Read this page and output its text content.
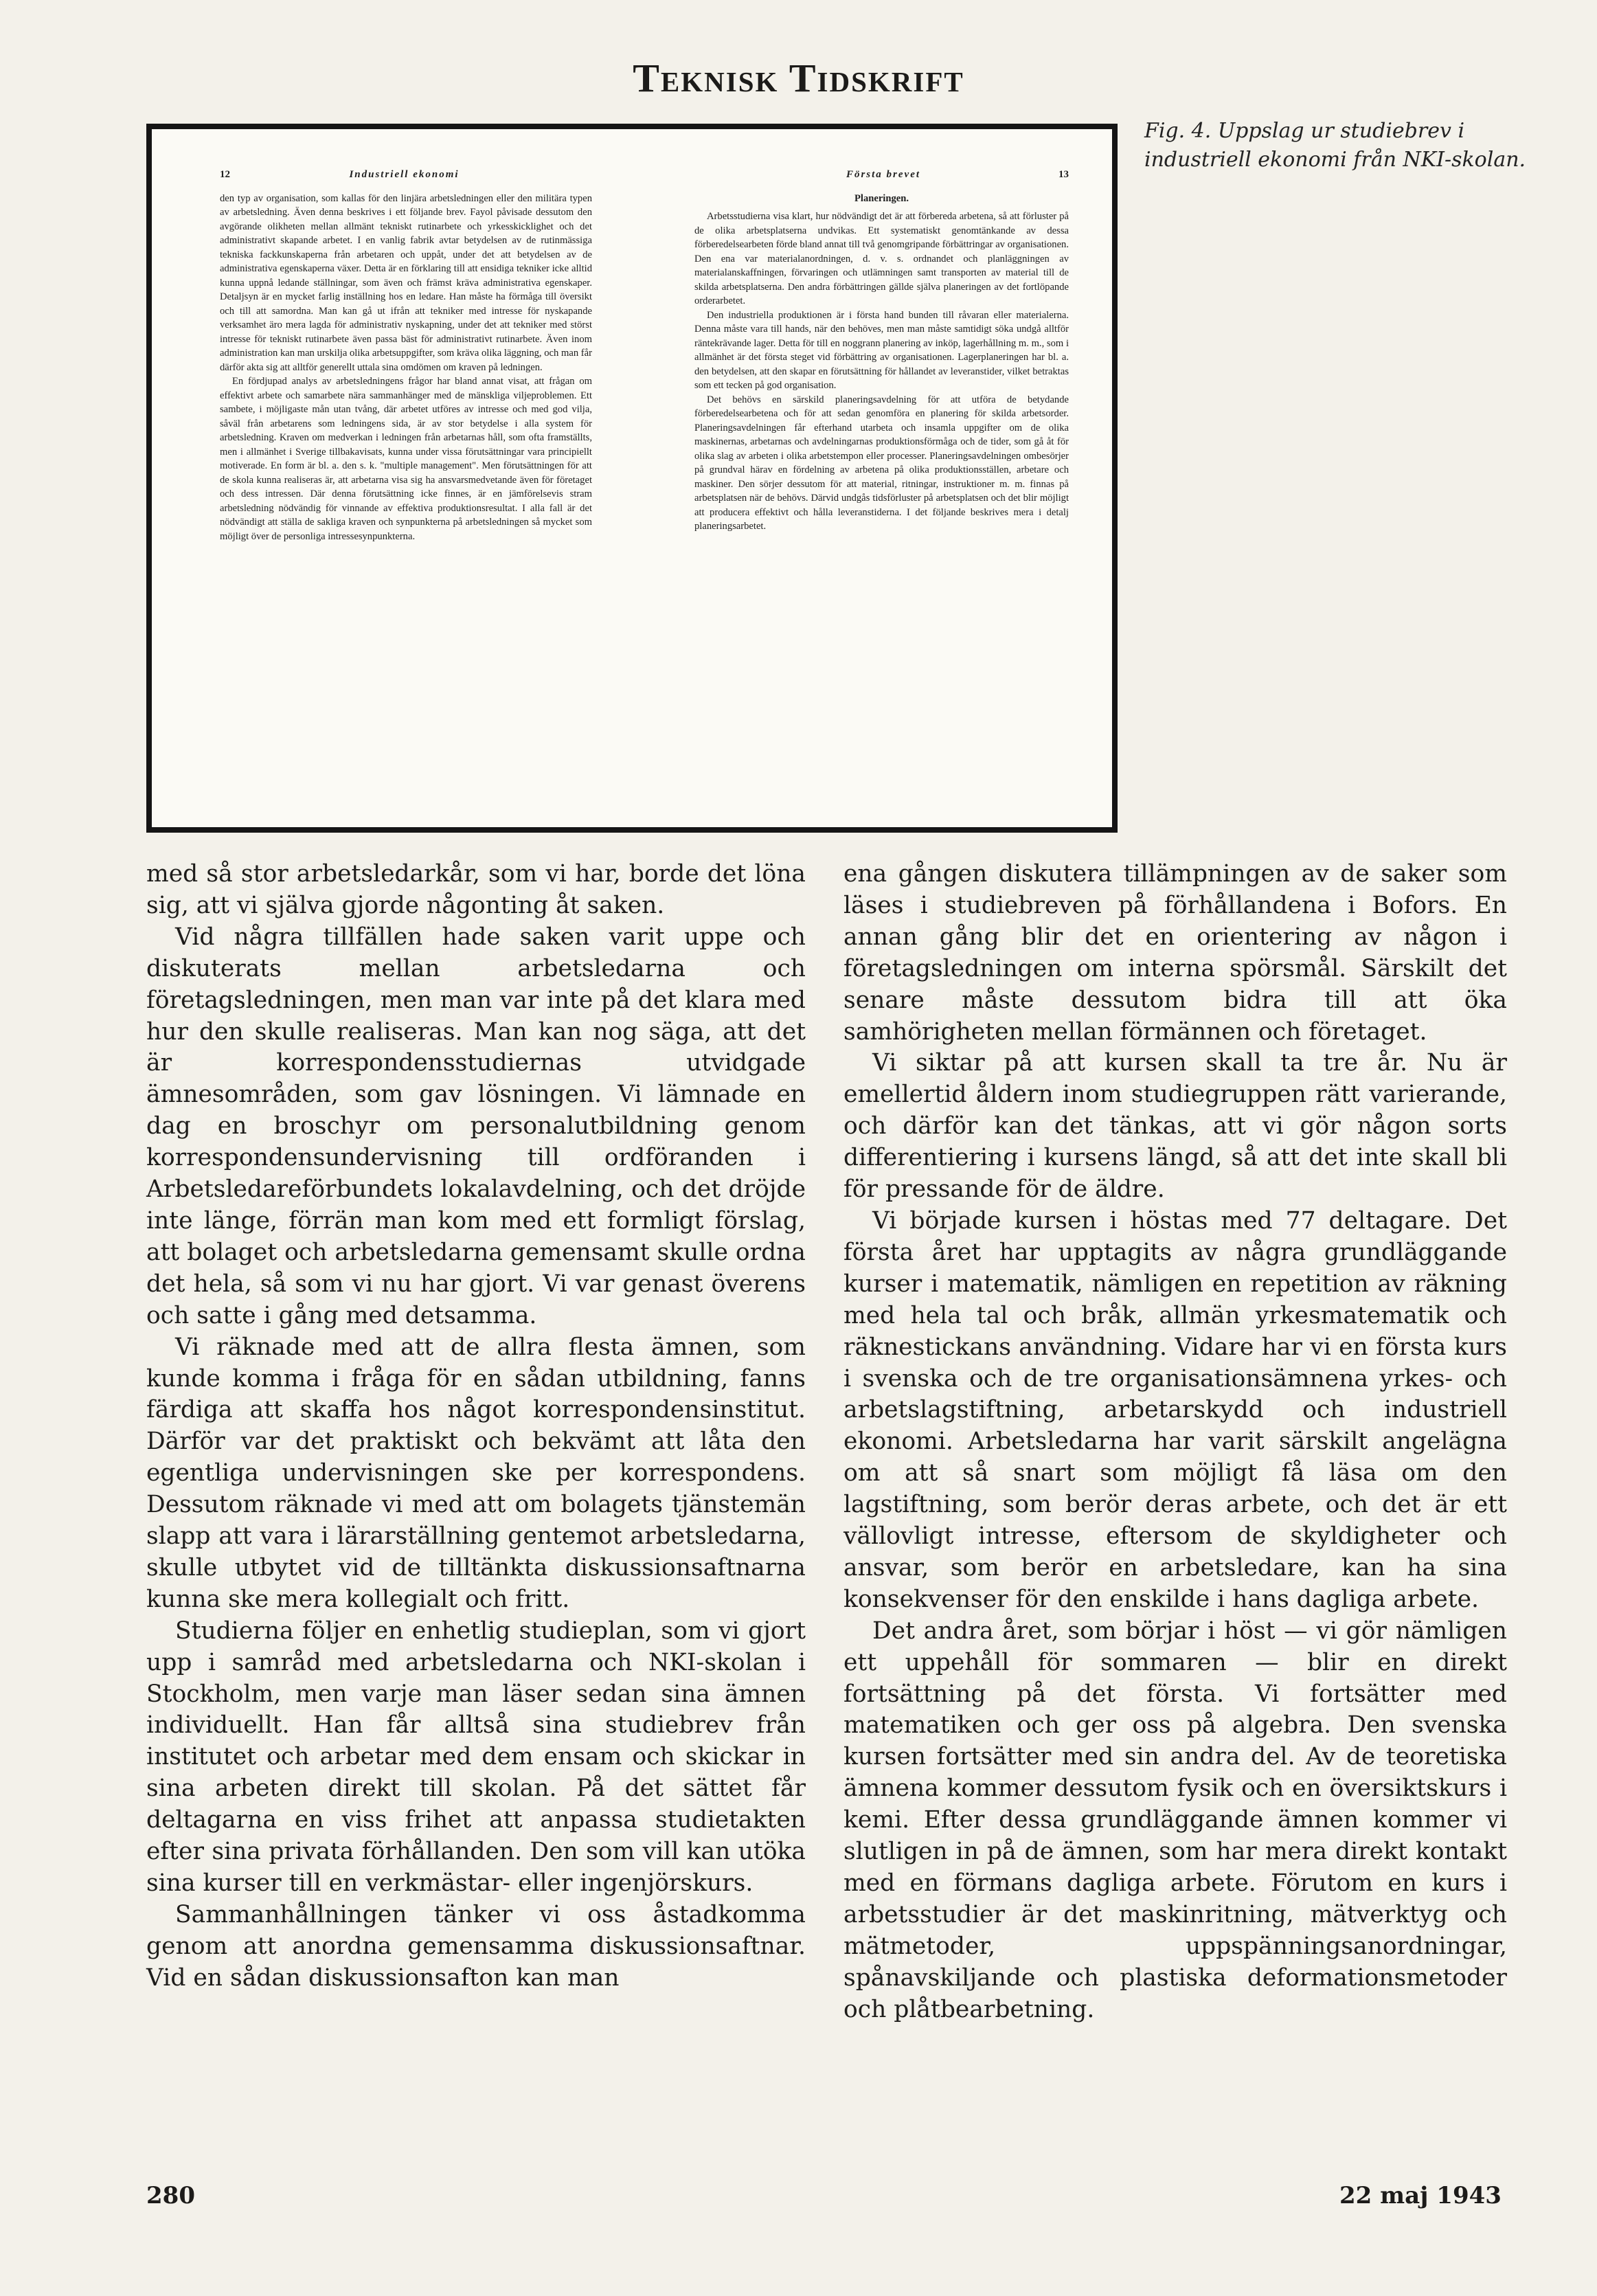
Teknisk Tidskrift
12	Industriell ekonomi

den typ av organisation, som kallas för den linjära arbetsledningen eller den militära typen av arbetsledning. Även denna beskrives i ett följande brev. Fayol påvisade dessutom den avgörande olikheten mellan allmänt tekniskt rutinarbete och yrkesskicklighet och det administrativt skapande arbetet. I en vanlig fabrik avtar betydelsen av de rutinmässiga tekniska fackkunskaperna från arbetaren och uppåt, under det att betydelsen av de administrativa egenskaperna växer. Detta är en förklaring till att ensidiga tekniker icke alltid kunna uppnå ledande ställningar, som även och främst kräva administrativa egenskaper. Detaljsyn är en mycket farlig inställning hos en ledare. Han måste ha förmåga till översikt och till att samordna. Man kan gå ut ifrån att tekniker med intresse för nyskapande verksamhet äro mera lagda för administrativ nyskapning, under det att tekniker med störst intresse för tekniskt rutinarbete även passa bäst för administrativt rutinarbete. Även inom administration kan man urskilja olika arbetsuppgifter, som kräva olika läggning, och man får därför akta sig att alltför generellt uttala sina omdömen om kraven på ledningen.

En fördjupad analys av arbetsledningens frågor har bland annat visat, att frågan om effektivt arbete och samarbete nära sammanhänger med de mänskliga viljeproblemen. Ett sambete, i möjligaste mån utan tvång, där arbetet utföres av intresse och med god vilja, såväl från arbetarens som ledningens sida, är av stor betydelse i alla system för arbetsledning. Kraven om medverkan i ledningen från arbetarnas håll, som ofta framställts, men i allmänhet i Sverige tillbakavisats, kunna under vissa förutsättningar vara principiellt motiverade. En form är bl. a. den s. k. "multiple management". Men förutsättningen för att de skola kunna realiseras är, att arbetarna visa sig ha ansvarsmedvetande även för företaget och dess intressen. Där denna förutsättning icke finnes, är en jämförelsevis stram arbetsledning nödvändig för vinnande av effektiva produktionsresultat. I alla fall är det nödvändigt att ställa de sakliga kraven och synpunkterna på arbetsledningen så mycket som möjligt över de personliga intressesynpunkterna.

Första brevet	13

Planeringen.

Arbetsstudierna visa klart, hur nödvändigt det är att förbereda arbetena, så att förluster på de olika arbetsplatserna undvikas. Ett systematiskt genomtänkande av dessa förberedelsearbeten förde bland annat till två genomgripande förbättringar av organisationen. Den ena var materialanordningen, d. v. s. ordnandet och planläggningen av materialanskaffningen, förvaringen och utlämningen samt transporten av material till de skilda arbetsplatserna. Den andra förbättringen gällde själva planeringen av det fortlöpande orderarbetet.

Den industriella produktionen är i första hand bunden till råvaran eller materialerna. Denna måste vara till hands, när den behöves, men man måste samtidigt söka undgå alltför räntekrävande lager. Detta för till en noggrann planering av inköp, lagerhållning m. m., som i allmänhet är det första steget vid förbättring av organisationen. Lagerplaneringen har bl. a. den betydelsen, att den skapar en förutsättning för hållandet av leveranstider, vilket betraktas som ett tecken på god organisation.

Det behövs en särskild planeringsavdelning för att utföra de betydande förberedelsearbetena och för att sedan genomföra en planering för skilda arbetsorder. Planeringsavdelningen får efterhand utarbeta och insamla uppgifter om de olika maskinernas, arbetarnas och avdelningarnas produktionsförmåga och de tider, som gå åt för olika slag av arbeten i olika arbetstempon eller processer. Planeringsavdelningen ombesörjer på grundval härav en fördelning av arbetena på olika produktionsställen, arbetare och maskiner. Den sörjer dessutom för att material, ritningar, instruktioner m. m. finnas på arbetsplatsen när de behövs. Därvid undgås tidsförluster på arbetsplatsen och det blir möjligt att producera effektivt och hålla leveranstiderna. I det följande beskrives mera i detalj planeringsarbetet.

Fig. 4. Uppslag ur studiebrev i industriell ekonomi från NKI-skolan.

med så stor arbetsledarkår, som vi har, borde det löna sig, att vi själva gjorde någonting åt saken.

Vid några tillfällen hade saken varit uppe och diskuterats mellan arbetsledarna och företagsledningen, men man var inte på det klara med hur den skulle realiseras. Man kan nog säga, att det är korrespondensstudiernas utvidgade ämnesområden, som gav lösningen. Vi lämnade en dag en broschyr om personalutbildning genom korrespondensundervisning till ordföranden i Arbetsledareförbundets lokalavdelning, och det dröjde inte länge, förrän man kom med ett formligt förslag, att bolaget och arbetsledarna gemensamt skulle ordna det hela, så som vi nu har gjort. Vi var genast överens och satte i gång med detsamma.

Vi räknade med att de allra flesta ämnen, som kunde komma i fråga för en sådan utbildning, fanns färdiga att skaffa hos något korrespondensinstitut. Därför var det praktiskt och bekvämt att låta den egentliga undervisningen ske per korrespondens. Dessutom räknade vi med att om bolagets tjänstemän slapp att vara i lärarställning gentemot arbetsledarna, skulle utbytet vid de tilltänkta diskussionsaftnarna kunna ske mera kollegialt och fritt.

Studierna följer en enhetlig studieplan, som vi gjort upp i samråd med arbetsledarna och NKI-skolan i Stockholm, men varje man läser sedan sina ämnen individuellt. Han får alltså sina studiebrev från institutet och arbetar med dem ensam och skickar in sina arbeten direkt till skolan. På det sättet får deltagarna en viss frihet att anpassa studietakten efter sina privata förhållanden. Den som vill kan utöka sina kurser till en verkmästar- eller ingenjörskurs.

Sammanhållningen tänker vi oss åstadkomma genom att anordna gemensamma diskussionsaftnar. Vid en sådan diskussionsafton kan man

ena gången diskutera tillämpningen av de saker som läses i studiebreven på förhållandena i Bofors. En annan gång blir det en orientering av någon i företagsledningen om interna spörsmål. Särskilt det senare måste dessutom bidra till att öka samhörigheten mellan förmännen och företaget.

Vi siktar på att kursen skall ta tre år. Nu är emellertid åldern inom studiegruppen rätt varierande, och därför kan det tänkas, att vi gör någon sorts differentiering i kursens längd, så att det inte skall bli för pressande för de äldre.

Vi började kursen i höstas med 77 deltagare. Det första året har upptagits av några grundläggande kurser i matematik, nämligen en repetition av räkning med hela tal och bråk, allmän yrkesmatematik och räknestickans användning. Vidare har vi en första kurs i svenska och de tre organisationsämnena yrkes- och arbetslagstiftning, arbetarskydd och industriell ekonomi. Arbetsledarna har varit särskilt angelägna om att så snart som möjligt få läsa om den lagstiftning, som berör deras arbete, och det är ett vällovligt intresse, eftersom de skyldigheter och ansvar, som berör en arbetsledare, kan ha sina konsekvenser för den enskilde i hans dagliga arbete.

Det andra året, som börjar i höst — vi gör nämligen ett uppehåll för sommaren — blir en direkt fortsättning på det första. Vi fortsätter med matematiken och ger oss på algebra. Den svenska kursen fortsätter med sin andra del. Av de teoretiska ämnena kommer dessutom fysik och en översiktskurs i kemi. Efter dessa grundläggande ämnen kommer vi slutligen in på de ämnen, som har mera direkt kontakt med en förmans dagliga arbete. Förutom en kurs i arbetsstudier är det maskinritning, mätverktyg och mätmetoder, uppspänningsanordningar, spånavskiljande och plastiska deformationsmetoder och plåtbearbetning.

280	22 maj 1943
